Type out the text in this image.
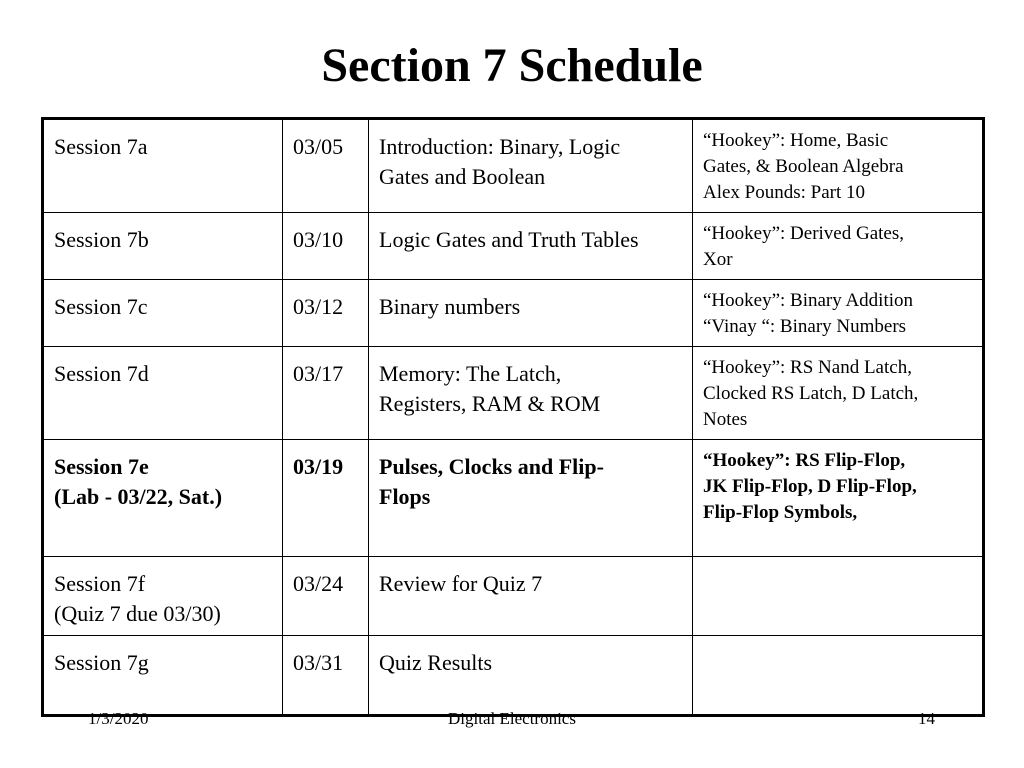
Section 7 Schedule
Session 7a	03/05	Introduction: Binary, Logic
Gates and Boolean	“Hookey”: Home, Basic
Gates, & Boolean Algebra
Alex Pounds: Part 10
Session 7b	03/10	Logic Gates and Truth Tables	“Hookey”: Derived Gates,
Xor
Session 7c	03/12	Binary numbers	“Hookey”: Binary Addition
“Vinay “: Binary Numbers
Session 7d	03/17	Memory: The Latch,
Registers, RAM & ROM	“Hookey”: RS Nand Latch,
Clocked RS Latch, D Latch,
Notes
Session 7e
(Lab - 03/22, Sat.)	03/19	Pulses, Clocks and Flip-
Flops	“Hookey”: RS Flip-Flop,
JK Flip-Flop, D Flip-Flop,
Flip-Flop Symbols,
Session 7f
(Quiz 7 due 03/30)	03/24	Review for Quiz 7	
Session 7g	03/31	Quiz Results	
1/3/2020	Digital Electronics	14
